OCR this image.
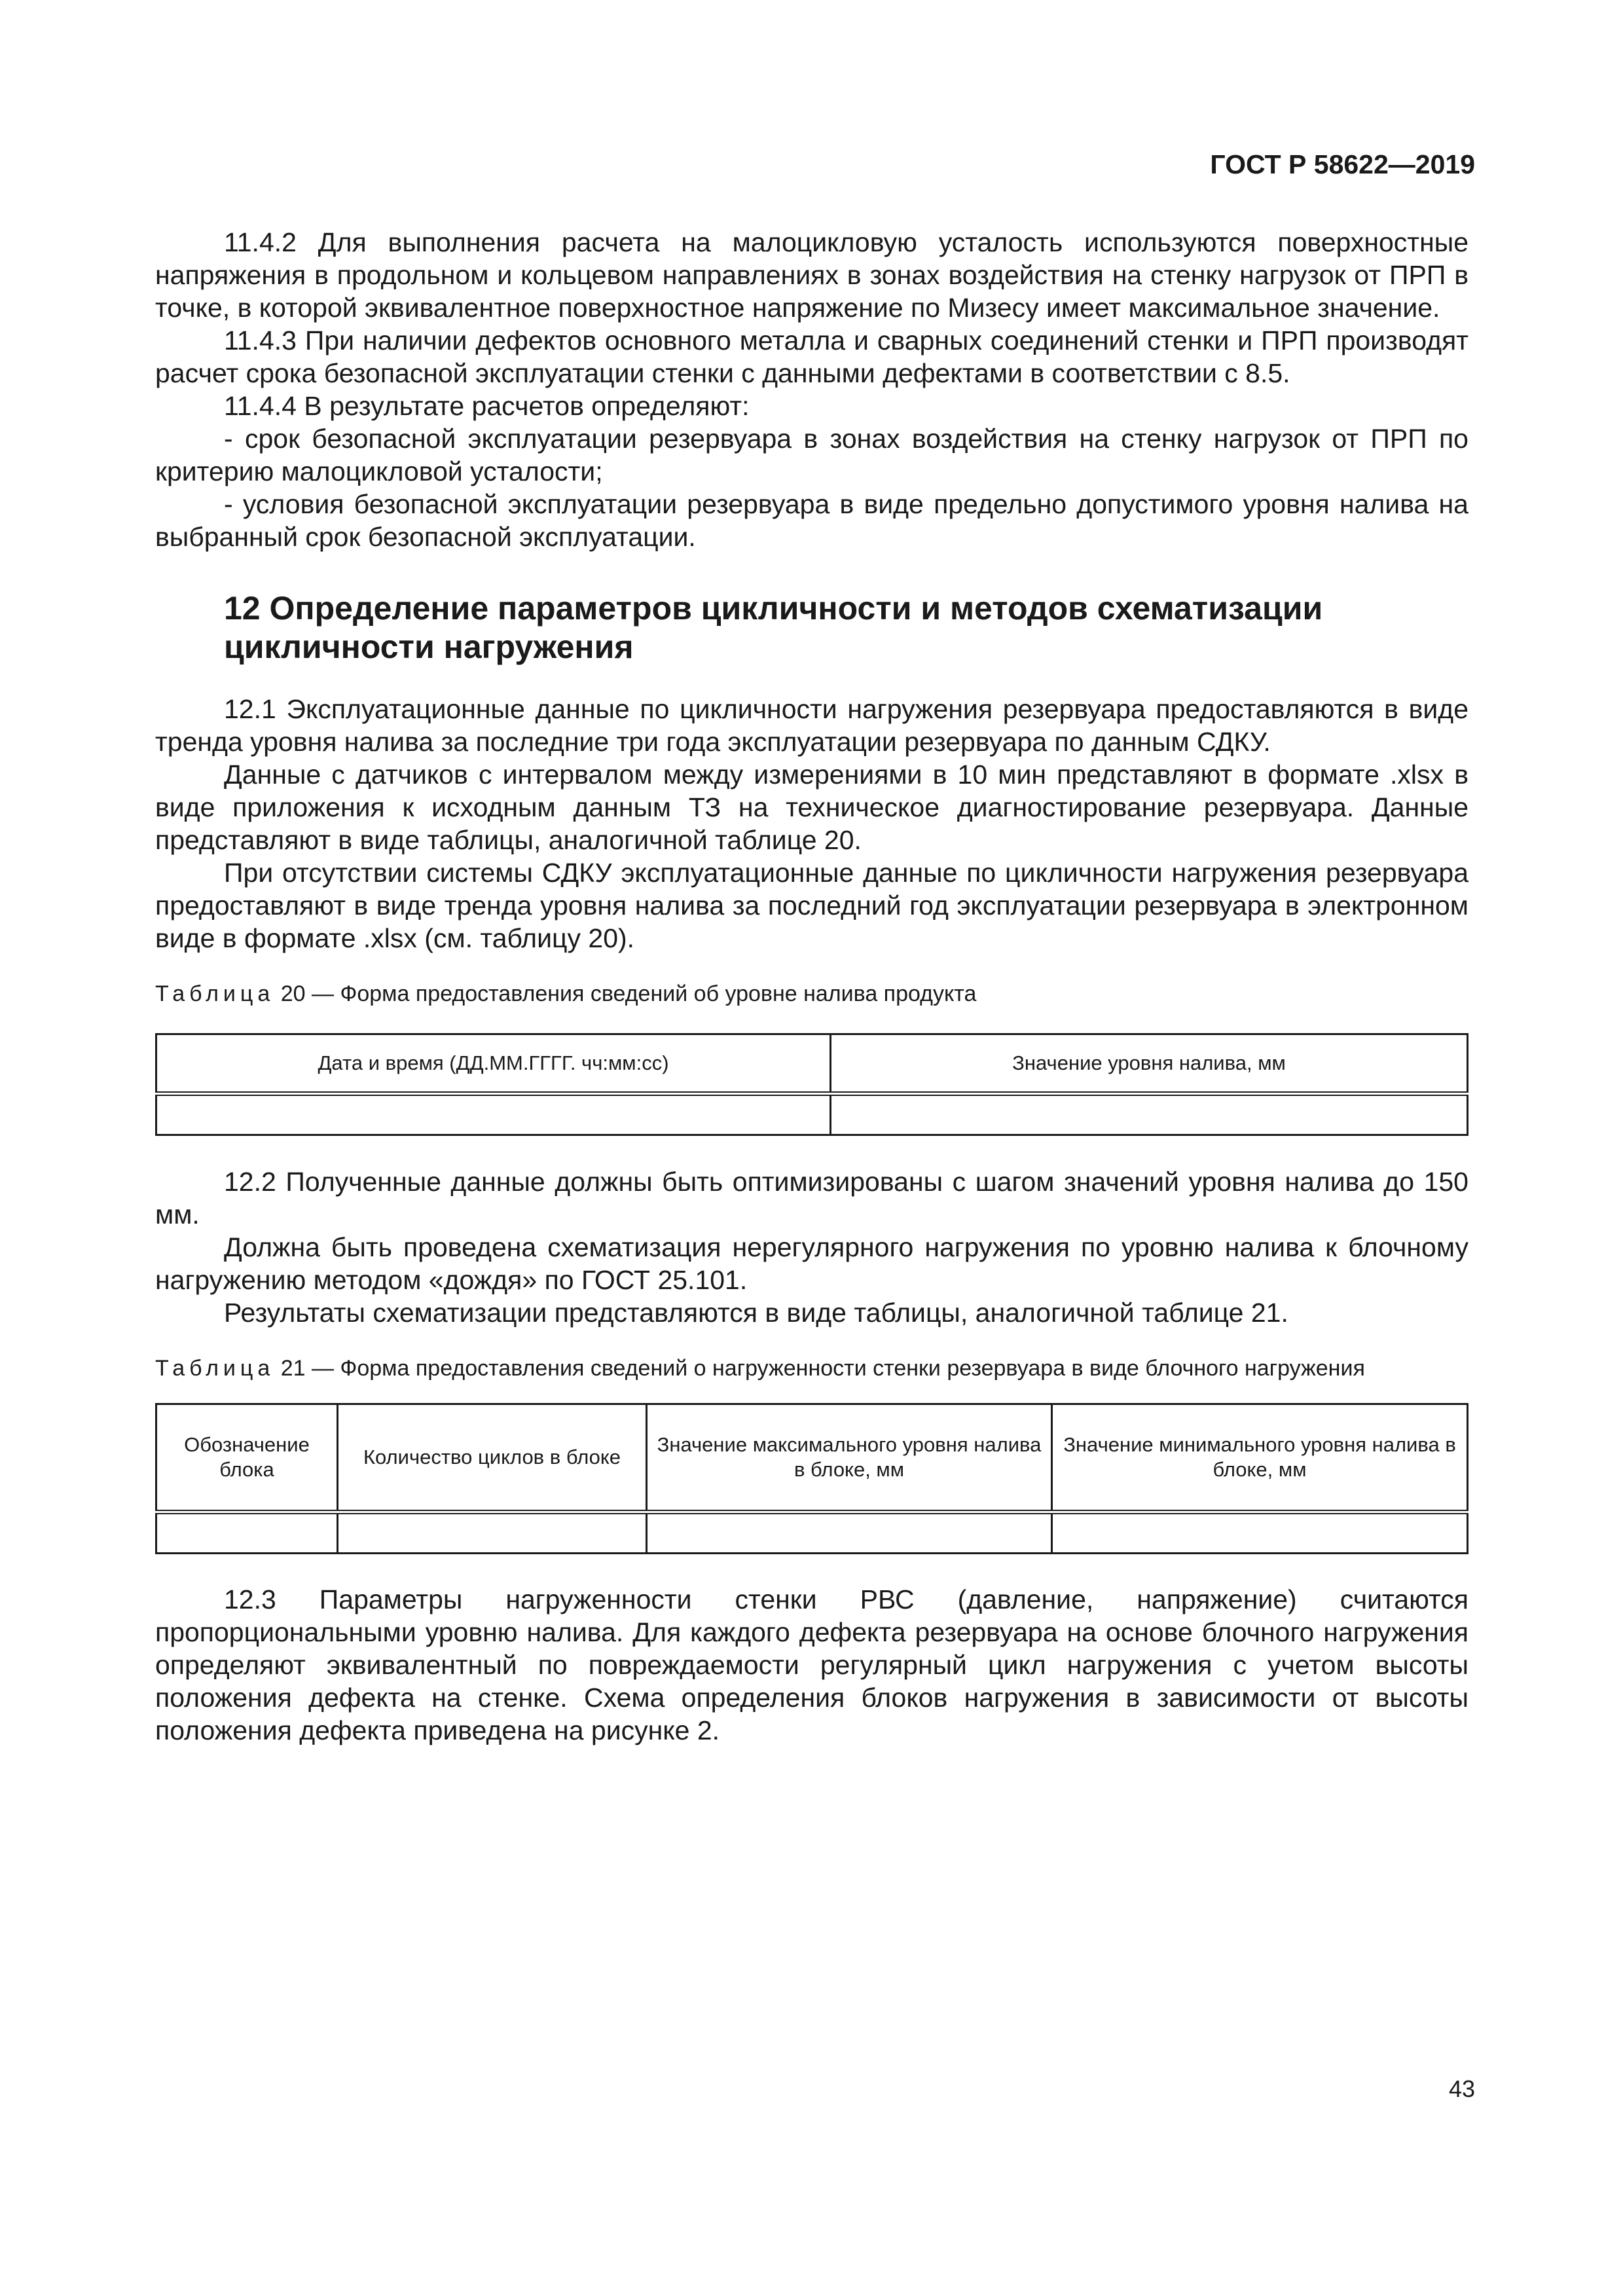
ГОСТ Р 58622—2019

11.4.2 Для выполнения расчета на малоцикловую усталость используются поверхностные напряжения в продольном и кольцевом направлениях в зонах воздействия на стенку нагрузок от ПРП в точке, в которой эквивалентное поверхностное напряжение по Мизесу имеет максимальное значение.

11.4.3 При наличии дефектов основного металла и сварных соединений стенки и ПРП производят расчет срока безопасной эксплуатации стенки с данными дефектами в соответствии с 8.5.

11.4.4 В результате расчетов определяют:

- срок безопасной эксплуатации резервуара в зонах воздействия на стенку нагрузок от ПРП по критерию малоцикловой усталости;

- условия безопасной эксплуатации резервуара в виде предельно допустимого уровня налива на выбранный срок безопасной эксплуатации.

12 Определение параметров цикличности и методов схематизации цикличности нагружения

12.1 Эксплуатационные данные по цикличности нагружения резервуара предоставляются в виде тренда уровня налива за последние три года эксплуатации резервуара по данным СДКУ.

Данные с датчиков с интервалом между измерениями в 10 мин представляют в формате .xlsx в виде приложения к исходным данным ТЗ на техническое диагностирование резервуара. Данные представляют в виде таблицы, аналогичной таблице 20.

При отсутствии системы СДКУ эксплуатационные данные по цикличности нагружения резервуара предоставляют в виде тренда уровня налива за последний год эксплуатации резервуара в электронном виде в формате .xlsx (см. таблицу 20).

Таблица 20 — Форма предоставления сведений об уровне налива продукта
Дата и время (ДД.ММ.ГГГГ. чч:мм:сс)	Значение уровня налива, мм

12.2 Полученные данные должны быть оптимизированы с шагом значений уровня налива до 150 мм.

Должна быть проведена схематизация нерегулярного нагружения по уровню налива к блочному нагружению методом «дождя» по ГОСТ 25.101.

Результаты схематизации представляются в виде таблицы, аналогичной таблице 21.

Таблица 21 — Форма предоставления сведений о нагруженности стенки резервуара в виде блочного нагружения
Обозначение блока	Количество циклов в блоке	Значение максимального уровня налива в блоке, мм	Значение минимального уровня налива в блоке, мм

12.3 Параметры нагруженности стенки РВС (давление, напряжение) считаются пропорциональными уровню налива. Для каждого дефекта резервуара на основе блочного нагружения определяют эквивалентный по повреждаемости регулярный цикл нагружения с учетом высоты положения дефекта на стенке. Схема определения блоков нагружения в зависимости от высоты положения дефекта приведена на рисунке 2.

43
